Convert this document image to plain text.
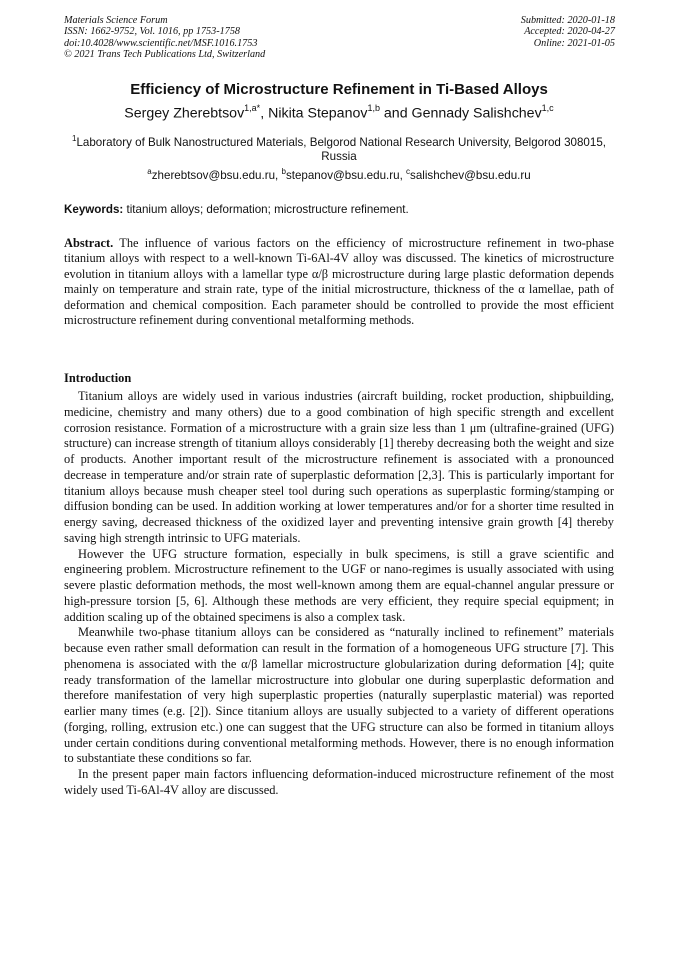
Materials Science Forum
ISSN: 1662-9752, Vol. 1016, pp 1753-1758
doi:10.4028/www.scientific.net/MSF.1016.1753
© 2021 Trans Tech Publications Ltd, Switzerland
Submitted: 2020-01-18
Accepted: 2020-04-27
Online: 2021-01-05
Efficiency of Microstructure Refinement in Ti-Based Alloys
Sergey Zherebtsov$^{1,a*}$, Nikita Stepanov$^{1,b}$ and Gennady Salishchev$^{1,c}$
$^1$Laboratory of Bulk Nanostructured Materials, Belgorod National Research University, Belgorod 308015, Russia
$^a$zherebtsov@bsu.edu.ru, $^b$stepanov@bsu.edu.ru, $^c$salishchev@bsu.edu.ru
Keywords: titanium alloys; deformation; microstructure refinement.

Abstract. The influence of various factors on the efficiency of microstructure refinement in two-phase titanium alloys with respect to a well-known Ti-6Al-4V alloy was discussed. The kinetics of microstructure evolution in titanium alloys with a lamellar type α/β microstructure during large plastic deformation depends mainly on temperature and strain rate, type of the initial microstructure, thickness of the α lamellae, path of deformation and chemical composition. Each parameter should be controlled to provide the most efficient microstructure refinement during conventional metalforming methods.

Introduction

Titanium alloys are widely used in various industries (aircraft building, rocket production, shipbuilding, medicine, chemistry and many others) due to a good combination of high specific strength and excellent corrosion resistance. Formation of a microstructure with a grain size less than 1 μm (ultrafine-grained (UFG) structure) can increase strength of titanium alloys considerably [1] thereby decreasing both the weight and size of products. Another important result of the microstructure refinement is associated with a pronounced decrease in temperature and/or strain rate of superplastic deformation [2,3]. This is particularly important for titanium alloys because mush cheaper steel tool during such operations as superplastic forming/stamping or diffusion bonding can be used. In addition working at lower temperatures and/or for a shorter time resulted in energy saving, decreased thickness of the oxidized layer and preventing intensive grain growth [4] thereby saving high strength intrinsic to UFG materials.

However the UFG structure formation, especially in bulk specimens, is still a grave scientific and engineering problem. Microstructure refinement to the UGF or nano-regimes is usually associated with using severe plastic deformation methods, the most well-known among them are equal-channel angular pressure or high-pressure torsion [5, 6]. Although these methods are very efficient, they require special equipment; in addition scaling up of the obtained specimens is also a complex task.

Meanwhile two-phase titanium alloys can be considered as “naturally inclined to refinement” materials because even rather small deformation can result in the formation of a homogeneous UFG structure [7]. This phenomena is associated with the α/β lamellar microstructure globularization during deformation [4]; quite ready transformation of the lamellar microstructure into globular one during superplastic deformation and therefore manifestation of very high superplastic properties (naturally superplastic material) was reported earlier many times (e.g. [2]). Since titanium alloys are usually subjected to a variety of different operations (forging, rolling, extrusion etc.) one can suggest that the UFG structure can also be formed in titanium alloys under certain conditions during conventional metalforming methods. However, there is no enough information to substantiate these conditions so far.

In the present paper main factors influencing deformation-induced microstructure refinement of the most widely used Ti-6Al-4V alloy are discussed.
